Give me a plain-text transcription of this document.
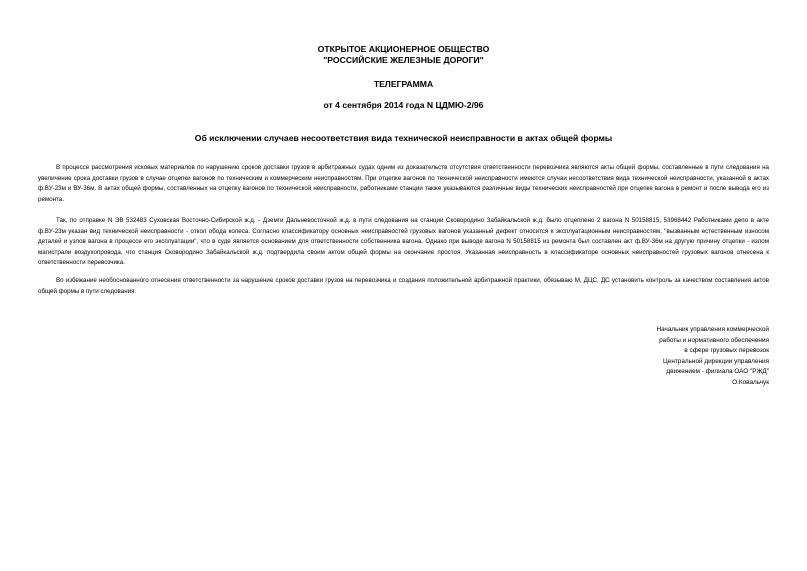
ОТКРЫТОЕ АКЦИОНЕРНОЕ ОБЩЕСТВО
"РОССИЙСКИЕ ЖЕЛЕЗНЫЕ ДОРОГИ"
ТЕЛЕГРАММА
от 4 сентября 2014 года N ЦДМЮ-2/96
Об исключении случаев несоответствия вида технической неисправности в актах общей формы

В процессе рассмотрения исковых материалов по нарушению сроков доставки грузов в арбитражных судах одним из доказательств отсутствия ответственности перевозчика являются акты общей формы, составленные в пути следования на увеличение срока доставки грузов в случае отцепки вагонов по техническим и коммерческим неисправностям. При отцепке вагонов по технической неисправности имеются случаи несоответствия вида технической неисправности, указанной в актах ф.ВУ-23м и ВУ-36м. В актах общей формы, составленных на отцепку вагонов по технической неисправности, работниками станции также указываются различные виды технических неисправностей при отцепке вагона в ремонт и после вывода его из ремонта.

Так, по отправке N ЭВ 532483 Суховская Восточно-Сибирской ж.д. - Дземги Дальневосточной ж.д. в пути следования на станции Сковородино Забайкальской ж.д. было отцеплено 2 вагона N 50158815, 53968442 Работниками депо в акте ф.ВУ-23м указан вид технической неисправности - откол обода колеса. Согласно классификатору основных неисправностей грузовых вагонов указанный дефект относится к эксплуатационным неисправностям, "вызванным естественным износом деталей и узлов вагона в процессе его эксплуатации", что в суде является основанием для ответственности собственника вагона. Однако при выводе вагона N 50158815 из ремонта был составлен акт ф.ВУ-36м на другую причину отцепки - излом магистрали воздухопровода, что станция Сковородино Забайкальской ж.д. подтвердила своим актом общей формы на окончание простоя. Указанная неисправность в классификаторе основных неисправностей грузовых вагонов отнесена к ответственности перевозчика.

Во избежание необоснованного отнесения ответственности за нарушение сроков доставки грузов на перевозчика и создания положительной арбитражной практики, обязываю М, ДЦС, ДС установить контроль за качеством составления актов общей формы в пути следования.

Начальник управления коммерческой
работы и нормативного обеспечения
в сфере грузовых перевозок
Центральной дирекции управления
движением - филиала ОАО "РЖД"
О.Ковальчук
